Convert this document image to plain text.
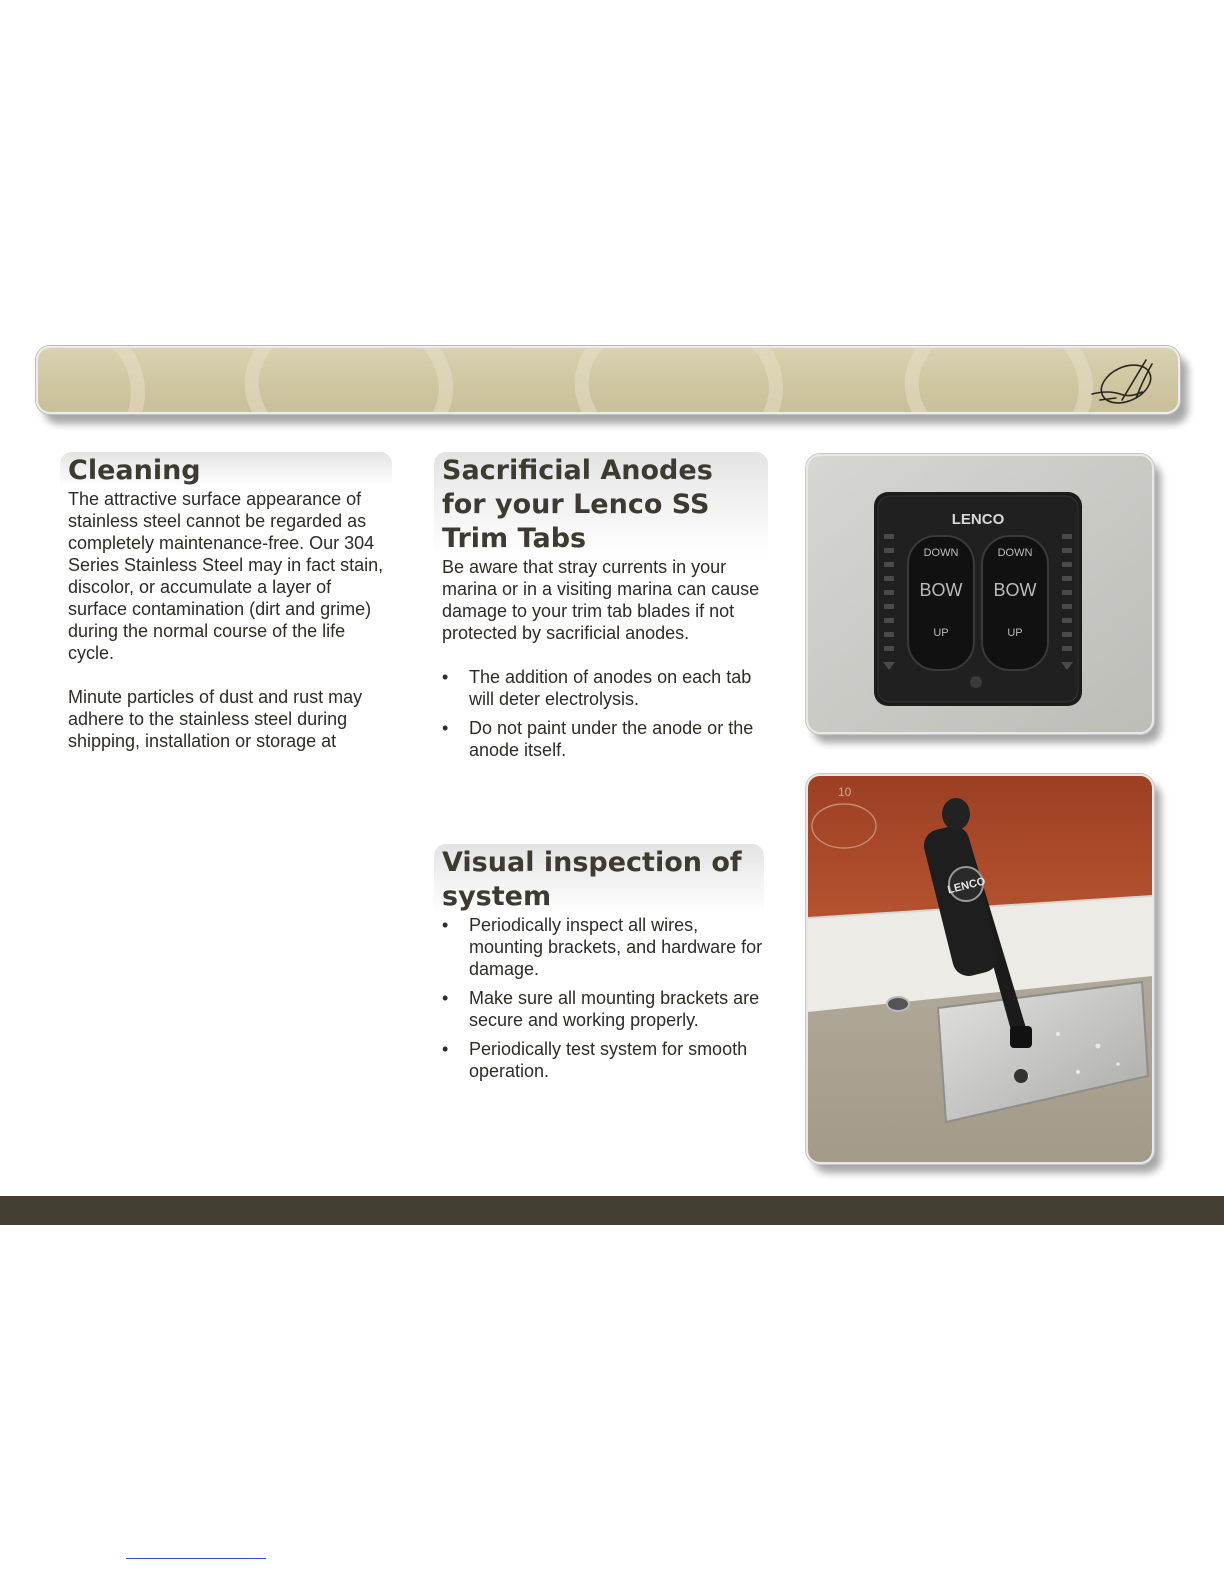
Cleaning

The attractive surface appearance of stainless steel cannot be regarded as completely maintenance-free. Our 304 Series Stainless Steel may in fact stain, discolor, or accumulate a layer of surface contamination (dirt and grime) during the normal course of the life cycle.

Minute particles of dust and rust may adhere to the stainless steel during shipping, installation or storage at

Sacrificial Anodes for your Lenco SS Trim Tabs

Be aware that stray currents in your marina or in a visiting marina can cause damage to your trim tab blades if not protected by sacrificial anodes.

• The addition of anodes on each tab will deter electrolysis.
• Do not paint under the anode or the anode itself.
Visual inspection of system
• Periodically inspect all wires, mounting brackets, and hardware for damage.
• Make sure all mounting brackets are secure and working properly.
• Periodically test system for smooth operation.
LENCO
DOWN
BOW
UP
DOWN
BOW
UP
10
LENCO
